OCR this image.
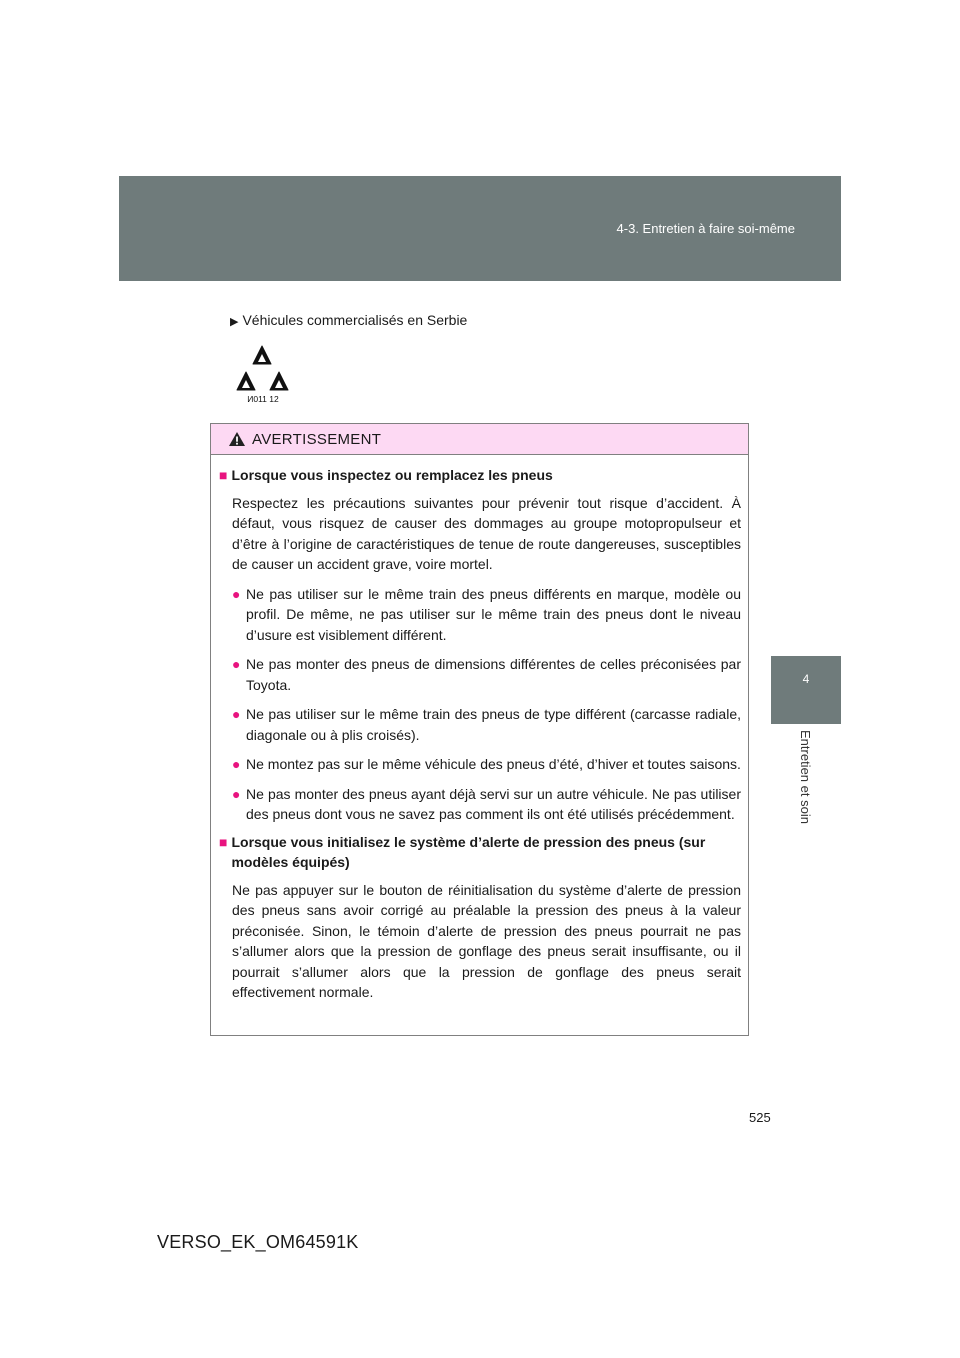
4-3. Entretien à faire soi-même
4
Entretien et soin
▶ Véhicules commercialisés en Serbie
И011 12
AVERTISSEMENT
■ Lorsque vous inspectez ou remplacez les pneus
Respectez les précautions suivantes pour prévenir tout risque d’accident. À défaut, vous risquez de causer des dommages au groupe motopropulseur et d’être à l’origine de caractéristiques de tenue de route dangereuses, susceptibles de causer un accident grave, voire mortel.
● Ne pas utiliser sur le même train des pneus différents en marque, modèle ou profil. De même, ne pas utiliser sur le même train des pneus dont le niveau d’usure est visiblement différent.
● Ne pas monter des pneus de dimensions différentes de celles préconisées par Toyota.
● Ne pas utiliser sur le même train des pneus de type différent (carcasse radiale, diagonale ou à plis croisés).
● Ne montez pas sur le même véhicule des pneus d’été, d’hiver et toutes saisons.
● Ne pas monter des pneus ayant déjà servi sur un autre véhicule. Ne pas utiliser des pneus dont vous ne savez pas comment ils ont été utilisés précédemment.
■ Lorsque vous initialisez le système d’alerte de pression des pneus (sur modèles équipés)
Ne pas appuyer sur le bouton de réinitialisation du système d’alerte de pression des pneus sans avoir corrigé au préalable la pression des pneus à la valeur préconisée. Sinon, le témoin d’alerte de pression des pneus pourrait ne pas s’allumer alors que la pression de gonflage des pneus serait insuffisante, ou il pourrait s’allumer alors que la pression de gonflage des pneus serait effectivement normale.
525
VERSO_EK_OM64591K
